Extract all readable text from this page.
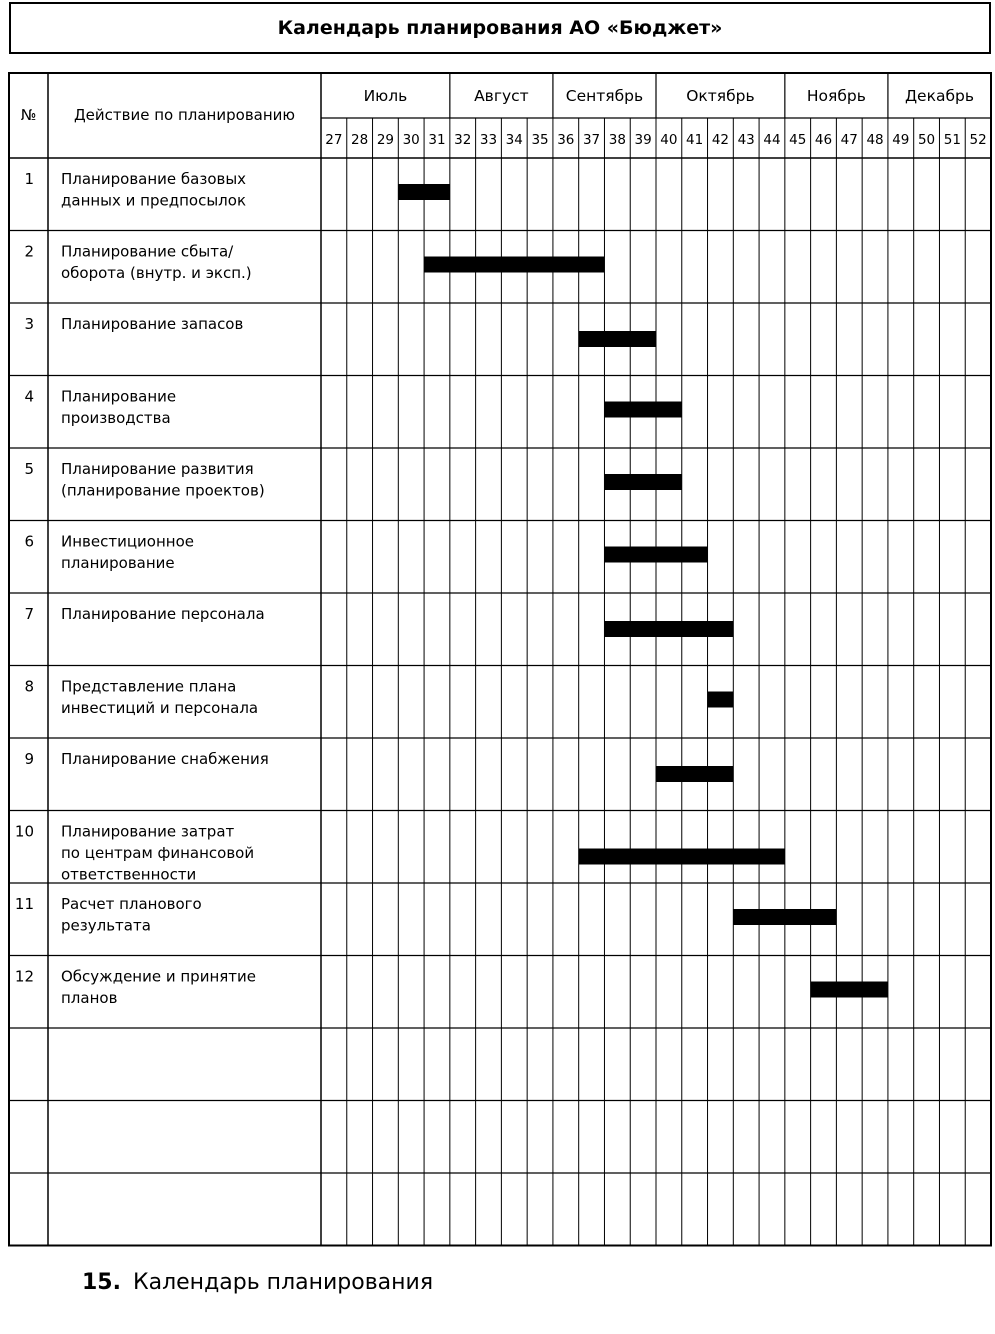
Календарь планирования АО «Бюджет»
№	Действие по планированию
Июль	Август Сентябрь	Октябрь	Ноябрь	Декабрь
27 28 29 30 31 32 33 34 35 36 37 38 39 40 41 42 43 44 45 46 47 48 49 50 51 52
1 Планирование базовых
данных и предпосылок
2 Планирование сбыта/
оборота (внутр. и эксп.)
3 Планирование запасов
4 Планирование
производства
5 Планирование развития
(планирование проектов)
6 Инвестиционное
планирование
7 Планирование персонала
8 Представление плана
инвестиций и персонала
9 Планирование снабжения
10 Планирование затрат
по центрам финансовой
ответственности
11 Расчет планового
результата
12 Обсуждение и принятие
планов
15. Календарь планирования
